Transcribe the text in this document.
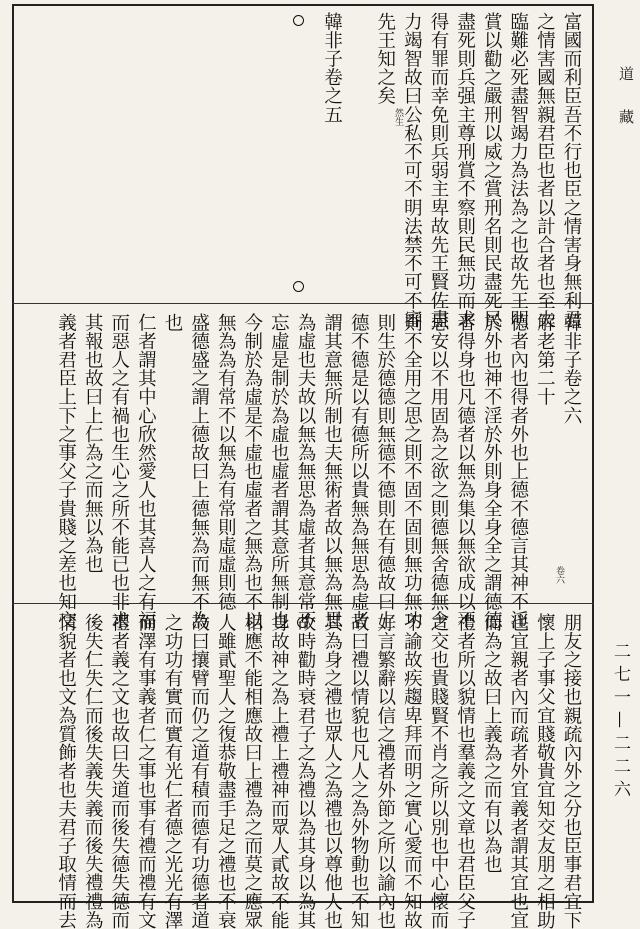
道藏
二七一—二二六
富國而利臣吾不行也臣之情害身無利君
之情害國無親君臣也者以計合者也至夫
臨難必死盡智竭力為法為之也故先王明
賞以勸之嚴刑以威之賞刑名則民盡死民
盡死則兵强主尊刑賞不察則民無功而求
得有罪而幸免則兵弱主卑故先王賢佐盡
力竭智故曰公私不可不明法禁不可不審
先王知之矣
韓非子卷之五
韓非子卷之六
解老第二十
德者內也得者外也上德不德言其神不淫
於外也神不淫於外則身全身全之謂德德
者得身也凡德者以無為集以無欲成以不
思安以不用固為之欲之則德無舍德無舍
則不全用之思之則不固不固則無功無功
則生於德德則無德不德則在有德故曰上
德不德是以有德所以貴無為無思為虛者
謂其意無所制也夫無術者故以無為無思
為虛也夫故以無為無思為虛者其意常不
忘虛是制於為虛也虛者謂其意所無制也
今制於為虛是不虛也虛者之無為也不以
無為為有常不以無為有常則虛虛則德
盛德盛之謂上德故曰上德無為而無不為
也
仁者謂其中心欣然愛人也其喜人之有福
而惡人之有禍也生心之所不能已也非求
其報也故曰上仁為之而無以為也
義者君臣上下之事父子貴賤之差也知交
朋友之接也親疏內外之分也臣事君宜下
懷上子事父宜賤敬貴宜知交友朋之相助
也宜親者內而疏者外宜義者謂其宜也宜
而為之故曰上義為之而有以為也
禮者所以貌情也羣義之文章也君臣父子
之交也貴賤賢不肖之所以別也中心懷而
不諭故疾趨卑拜而明之實心愛而不知故
好言繁辭以信之禮者外節之所以諭內也
故曰禮以情貌也凡人之為外物動也不知
其為身之禮也眾人之為禮也以尊他人也
故時勸時衰君子之為禮以為其身以為其
身故神之為上禮上禮神而眾人貳故不能
相應不能相應故曰上禮為之而莫之應眾
人雖貳聖人之復恭敬盡手足之禮也不衰
故曰攘臂而仍之道有積而德有功德者道
之功功有實而實有光仁者德之光光有澤
而澤有事義者仁之事也事有禮而禮有文
禮者義之文也故曰失道而後失德失德而
後失仁失仁而後失義失義而後失禮禮為
情貌者也文為質飾者也夫君子取情而去
然生
卷六
